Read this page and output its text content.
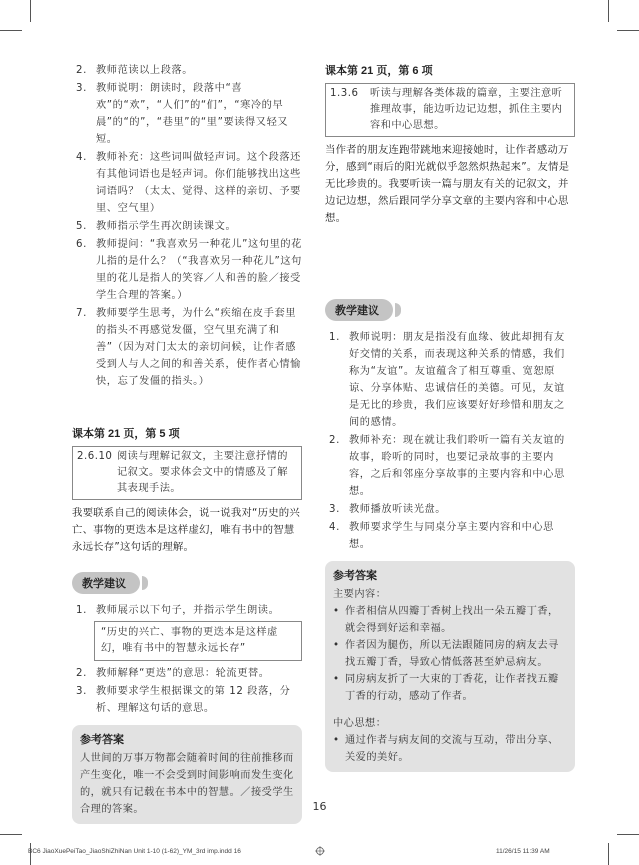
2. 教师范读以上段落。
3. 教师说明：朗读时，段落中“喜欢”的“欢”，“人们”的“们”，“寒冷的早晨”的“的”，“巷里”的“里”要读得又轻又短。
4. 教师补充：这些词叫做轻声词。这个段落还有其他词语也是轻声词。你们能够找出这些词语吗？（太太、觉得、这样的亲切、予要里、空气里）
5. 教师指示学生再次朗读课文。
6. 教师提问：“我喜欢另一种花儿”这句里的花儿指的是什么？（“我喜欢另一种花儿”这句里的花儿是指人的笑容／人和善的脸／接受学生合理的答案。）
7. 教师要学生思考，为什么“疾缩在皮手套里的指头不再感觉发僵，空气里充满了和善”（因为对门太太的亲切问候，让作者感受到人与人之间的和善关系，使作者心情愉快，忘了发僵的指头。）
课本第 21 页，第 5 项
2.6.10 阅读与理解记叙文，主要注意抒情的记叙文。要求体会文中的情感及了解其表现手法。
我要联系自己的阅读体会，说一说我对“历史的兴亡、事物的更迭本是这样虚幻，唯有书中的智慧永远长存”这句话的理解。
教学建议
1. 教师展示以下句子，并指示学生朗读。
“历史的兴亡、事物的更迭本是这样虚幻，唯有书中的智慧永远长存”
2. 教师解释“更迭”的意思：轮流更替。
3. 教师要求学生根据课文的第 12 段落，分析、理解这句话的意思。
参考答案
人世间的万事万物都会随着时间的往前推移而产生变化，唯一不会受到时间影响而发生变化的，就只有记载在书本中的智慧。／接受学生合理的答案。
课本第 21 页，第 6 项
1.3.6	听读与理解各类体裁的篇章，主要注意听推理故事，能边听边记边想，抓住主要内容和中心思想。
当作者的朋友连跑带跳地来迎接她时，让作者感动万分，感到“雨后的阳光就似乎忽然炽热起来”。友情是无比珍贵的。我要听读一篇与朋友有关的记叙文，并边记边想，然后跟同学分享文章的主要内容和中心思想。
教学建议
1. 教师说明：朋友是指没有血缘、彼此却拥有友好交情的关系，而表现这种关系的情感，我们称为“友谊”。友谊蕴含了相互尊重、宽恕原谅、分享体贴、忠诚信任的美德。可见，友谊是无比的珍贵，我们应该要好好珍惜和朋友之间的感情。
2. 教师补充：现在就让我们聆听一篇有关友谊的故事，聆听的同时，也要记录故事的主要内容，之后和邻座分享故事的主要内容和中心思想。
3. 教师播放听读光盘。
4. 教师要求学生与同桌分享主要内容和中心思想。
参考答案
主要内容：
• 作者相信从四瓣丁香树上找出一朵五瓣丁香，就会得到好运和幸福。
• 作者因为腿伤，所以无法跟随同房的病友去寻找五瓣丁香，导致心情低落甚至妒忌病友。
• 同房病友折了一大束的丁香花，让作者找五瓣丁香的行动，感动了作者。
中心思想：
• 通过作者与病友间的交流与互动，带出分享、关爱的美好。
16
BC6 JiaoXuePeiTao_JiaoShiZhiNan Unit 1-10 (1-62)_YM_3rd imp.indd 16	11/26/15 11:39 AM
